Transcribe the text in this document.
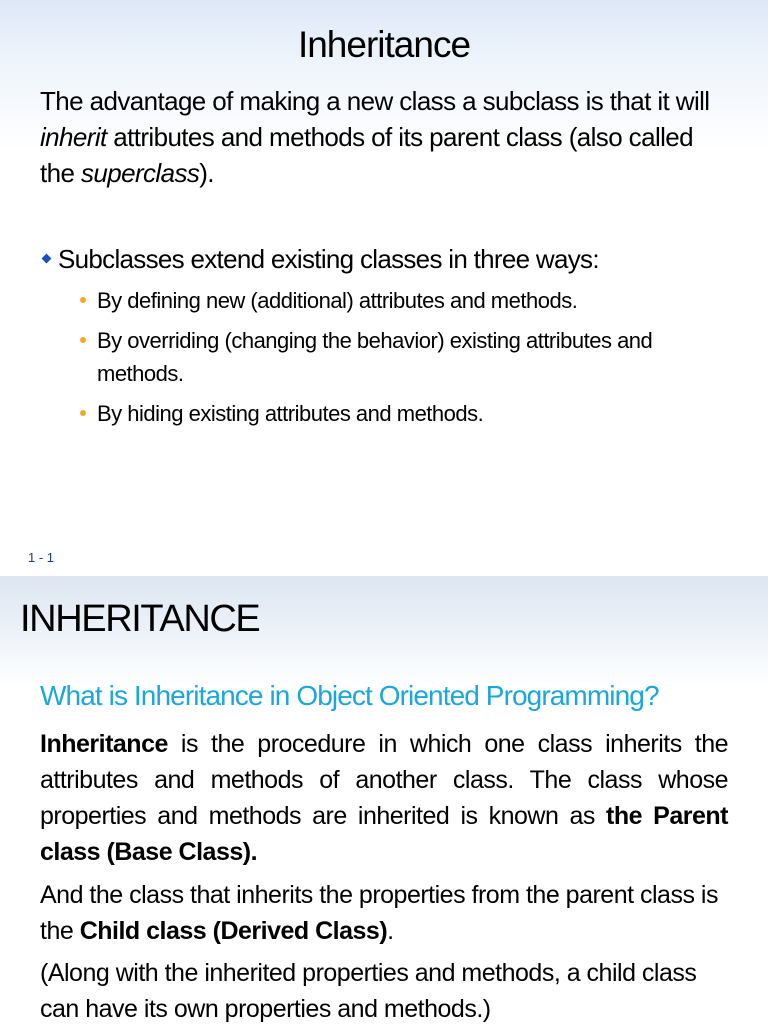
Inheritance
The advantage of making a new class a subclass is that it will
inherit attributes and methods of its parent class (also called
the superclass).
Subclasses extend existing classes in three ways:
By defining new (additional) attributes and methods.
By overriding (changing the behavior) existing attributes and methods.
By hiding existing attributes and methods.
1 - 1
INHERITANCE
What is Inheritance in Object Oriented Programming?
Inheritance is the procedure in which one class inherits the attributes and methods of another class. The class whose properties and methods are inherited is known as the Parent class (Base Class).
And the class that inherits the properties from the parent class is the Child class (Derived Class).
(Along with the inherited properties and methods, a child class can have its own properties and methods.)
